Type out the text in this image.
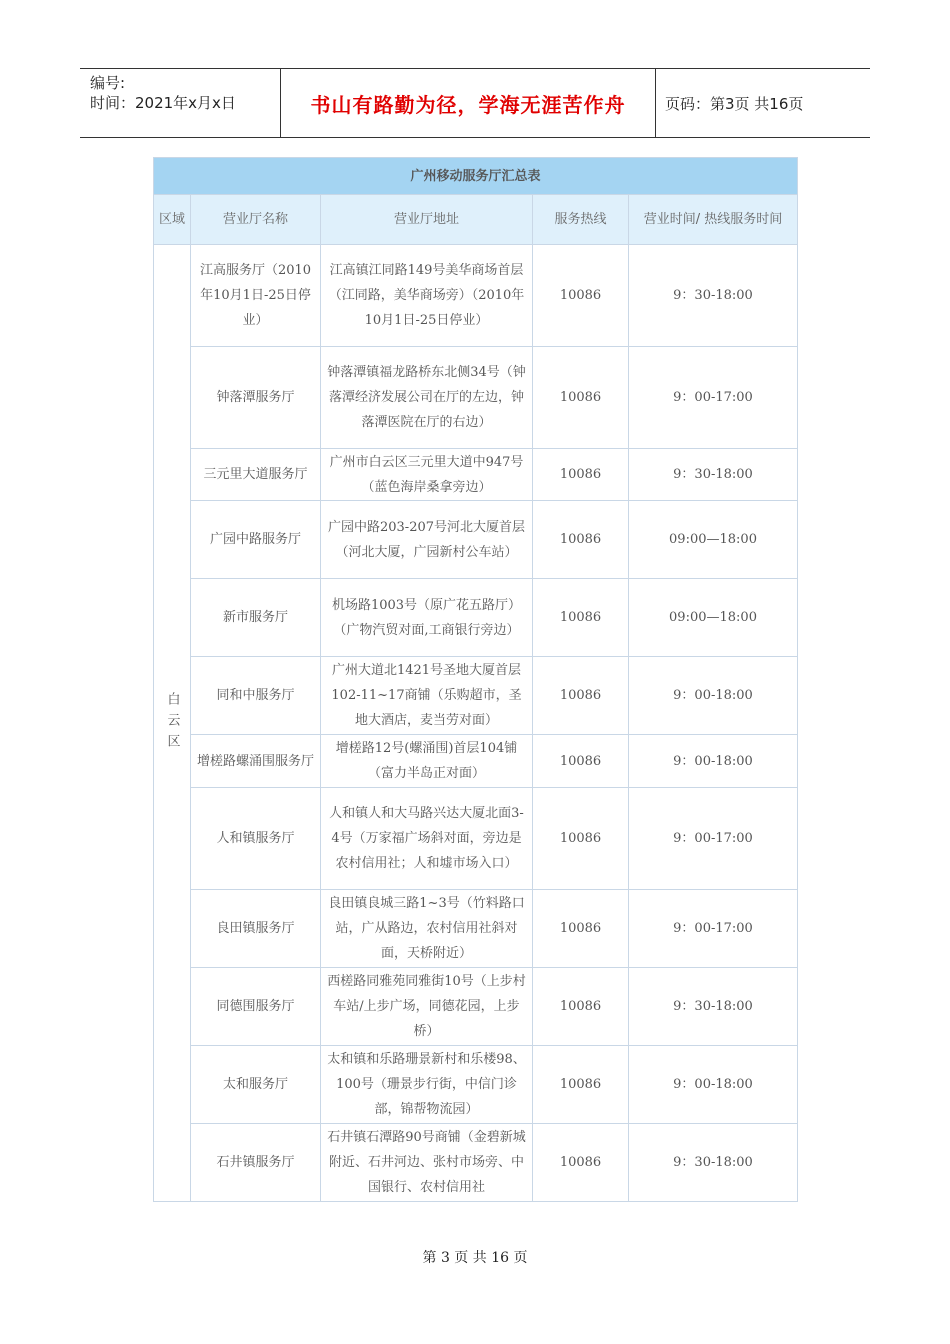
编号:
时间：2021年x月x日	书山有路勤为径，学海无涯苦作舟	页码：第3页 共16页
广州移动服务厅汇总表				
区域	营业厅名称	营业厅地址	服务热线	营业时间/ 热线服务时间
白云区	江高服务厅（2010年10月1日-25日停业）	江高镇江同路149号美华商场首层（江同路，美华商场旁）（2010年10月1日-25日停业）	10086	9：30-18:00
	钟落潭服务厅	钟落潭镇福龙路桥东北侧34号（钟落潭经济发展公司在厅的左边，钟落潭医院在厅的右边）	10086	9：00-17:00
	三元里大道服务厅	广州市白云区三元里大道中947号（蓝色海岸桑拿旁边）	10086	9：30-18:00
	广园中路服务厅	广园中路203-207号河北大厦首层（河北大厦，广园新村公车站）	10086	09:00—18:00
	新市服务厅	机场路1003号（原广花五路厅）（广物汽贸对面,工商银行旁边）	10086	09:00—18:00
	同和中服务厅	广州大道北1421号圣地大厦首层102-11~17商铺（乐购超市，圣地大酒店，麦当劳对面）	10086	9：00-18:00
	增槎路螺涌围服务厅	增槎路12号(螺涌围)首层104铺（富力半岛正对面）	10086	9：00-18:00
	人和镇服务厅	人和镇人和大马路兴达大厦北面3-4号（万家福广场斜对面，旁边是农村信用社；人和墟市场入口）	10086	9：00-17:00
	良田镇服务厅	良田镇良城三路1~3号（竹料路口站，广从路边，农村信用社斜对面，天桥附近）	10086	9：00-17:00
	同德围服务厅	西槎路同雅苑同雅街10号（上步村车站/上步广场，同德花园，上步桥）	10086	9：30-18:00
	太和服务厅	太和镇和乐路珊景新村和乐楼98、100号（珊景步行街，中信门诊部，锦帮物流园）	10086	9：00-18:00
	石井镇服务厅	石井镇石潭路90号商铺（金碧新城附近、石井河边、张村市场旁、中国银行、农村信用社	10086	9：30-18:00
第 3 页 共 16 页
